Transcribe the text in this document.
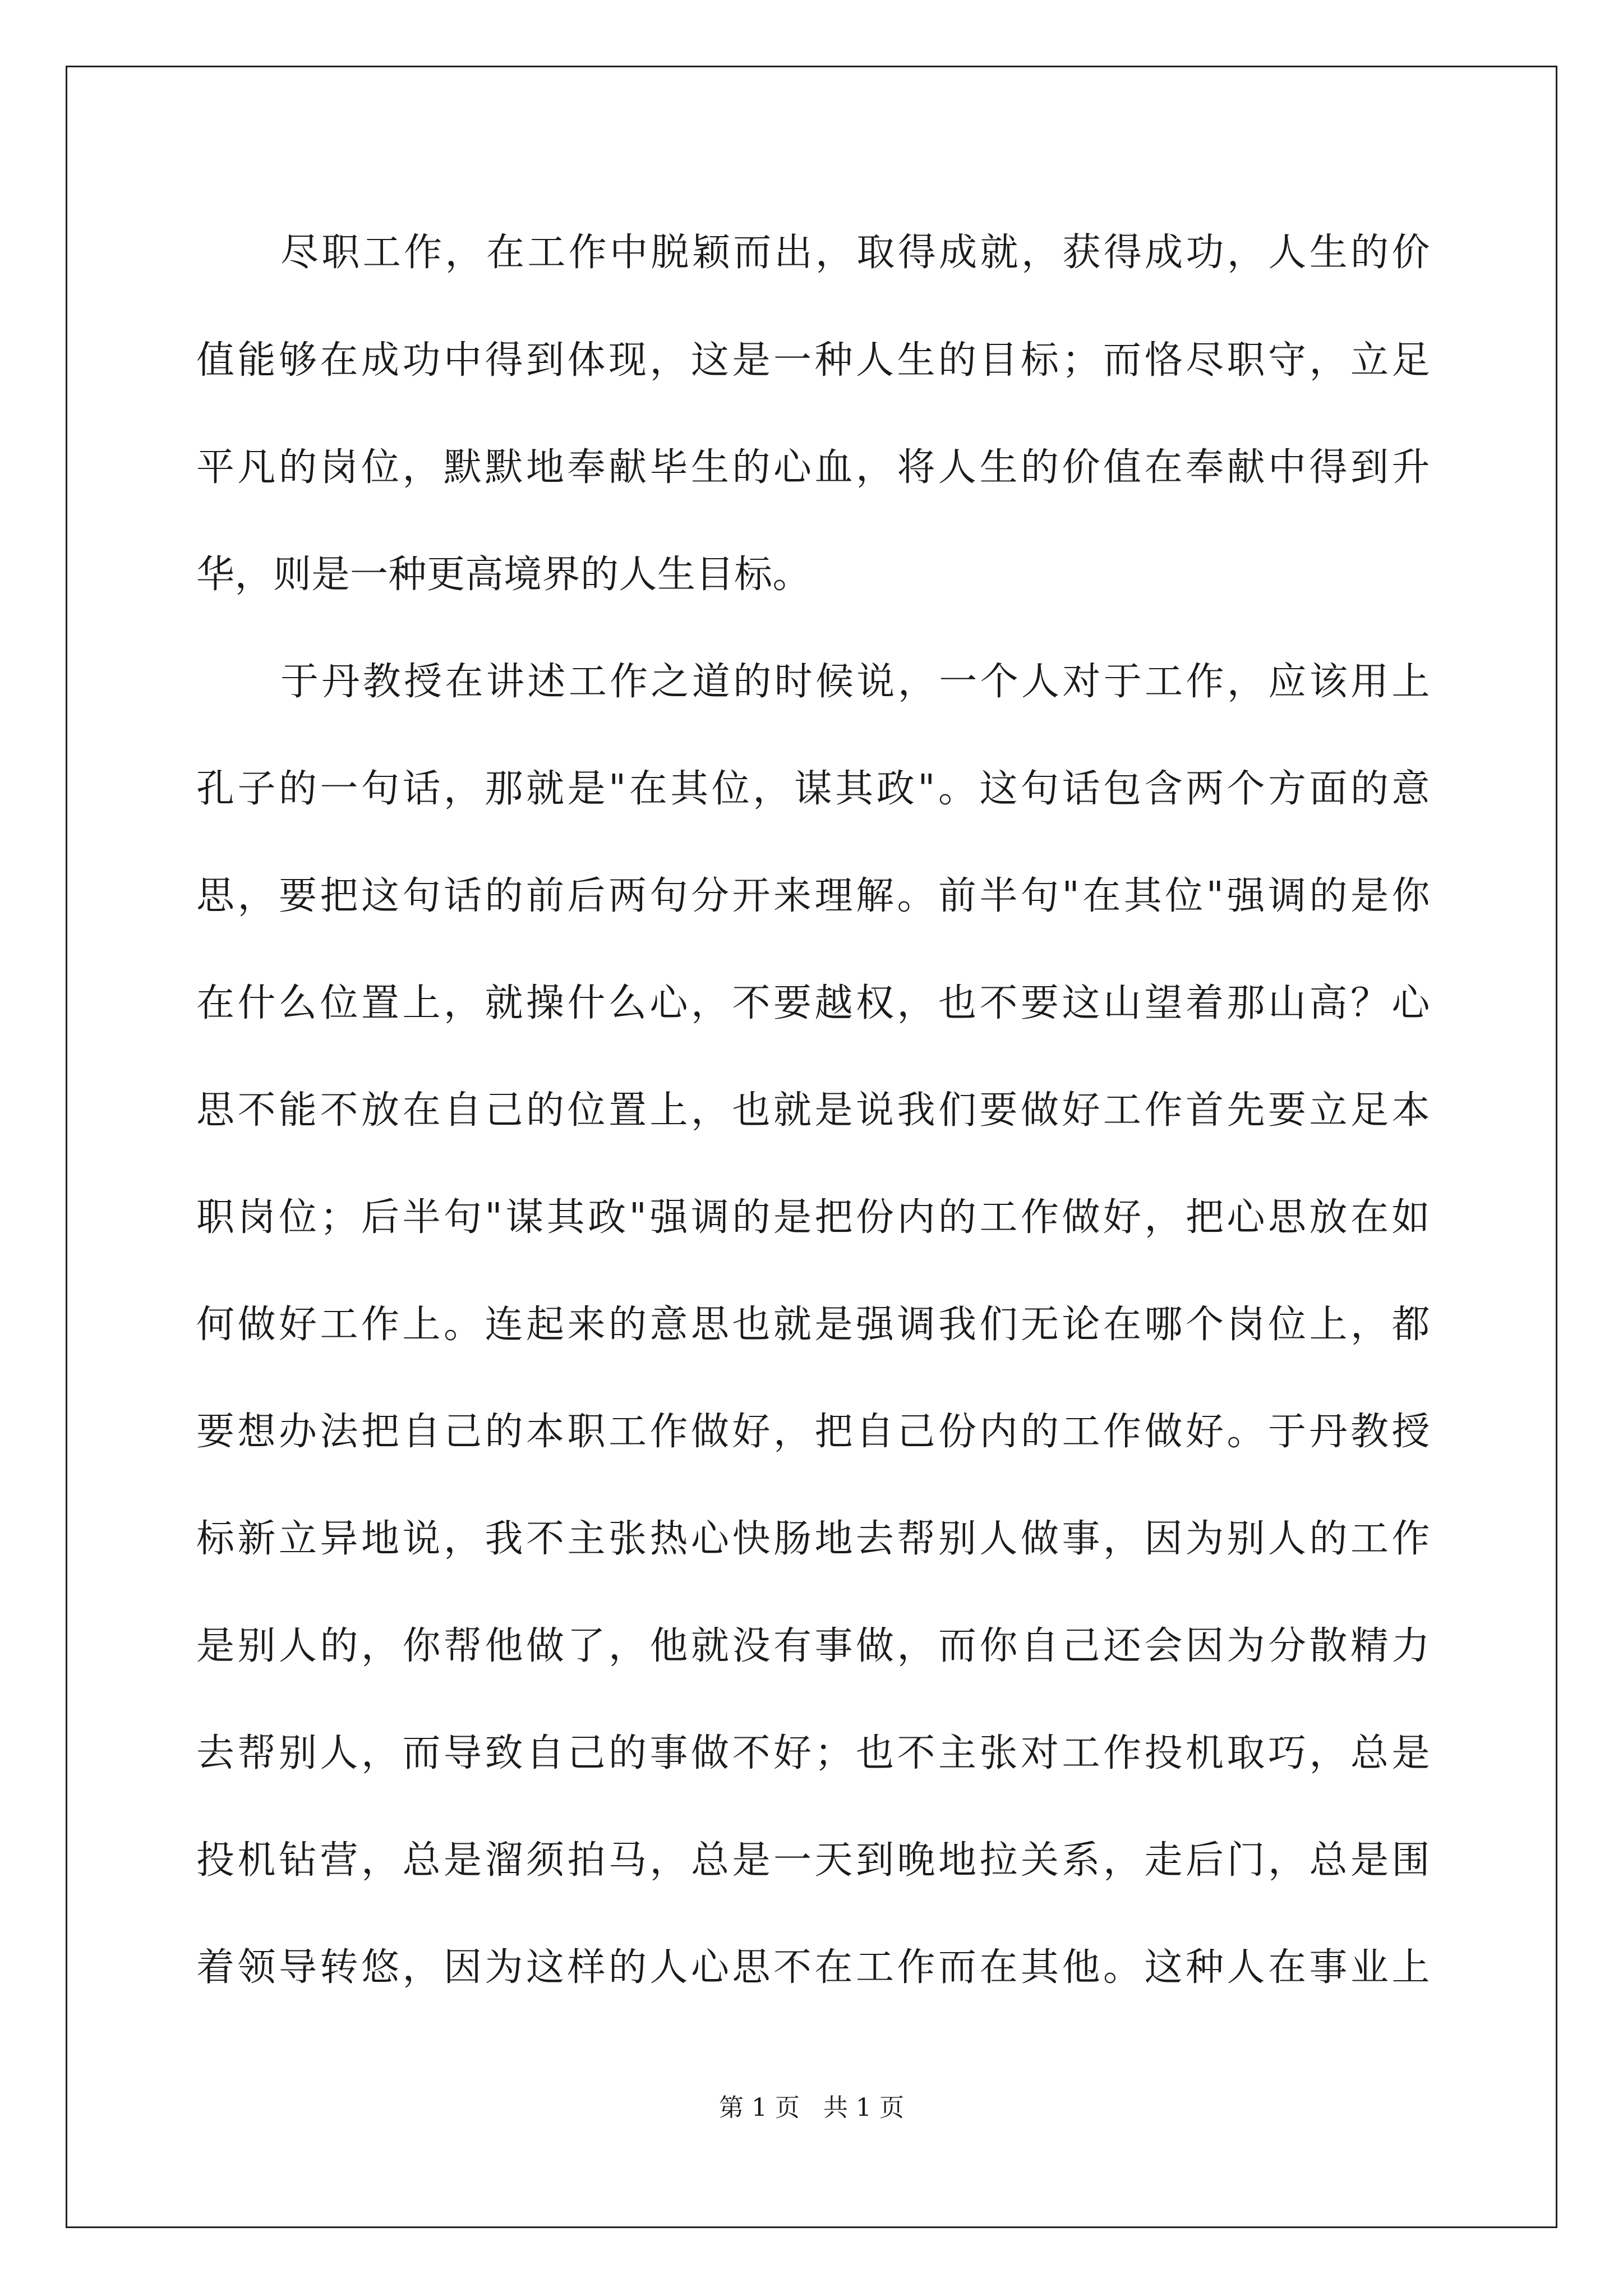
尽职工作，在工作中脱颖而出，取得成就，获得成功，人生的价
值能够在成功中得到体现，这是一种人生的目标；而恪尽职守，立足
平凡的岗位，默默地奉献毕生的心血，将人生的价值在奉献中得到升
华，则是一种更高境界的人生目标。
于丹教授在讲述工作之道的时候说，一个人对于工作，应该用上
孔子的一句话，那就是"在其位，谋其政"。这句话包含两个方面的意
思，要把这句话的前后两句分开来理解。前半句"在其位"强调的是你
在什么位置上，就操什么心，不要越权，也不要这山望着那山高？心
思不能不放在自己的位置上，也就是说我们要做好工作首先要立足本
职岗位；后半句"谋其政"强调的是把份内的工作做好，把心思放在如
何做好工作上。连起来的意思也就是强调我们无论在哪个岗位上，都
要想办法把自己的本职工作做好，把自己份内的工作做好。于丹教授
标新立异地说，我不主张热心快肠地去帮别人做事，因为别人的工作
是别人的，你帮他做了，他就没有事做，而你自己还会因为分散精力
去帮别人，而导致自己的事做不好；也不主张对工作投机取巧，总是
投机钻营，总是溜须拍马，总是一天到晚地拉关系，走后门，总是围
着领导转悠，因为这样的人心思不在工作而在其他。这种人在事业上
第 1 页 共 1 页
